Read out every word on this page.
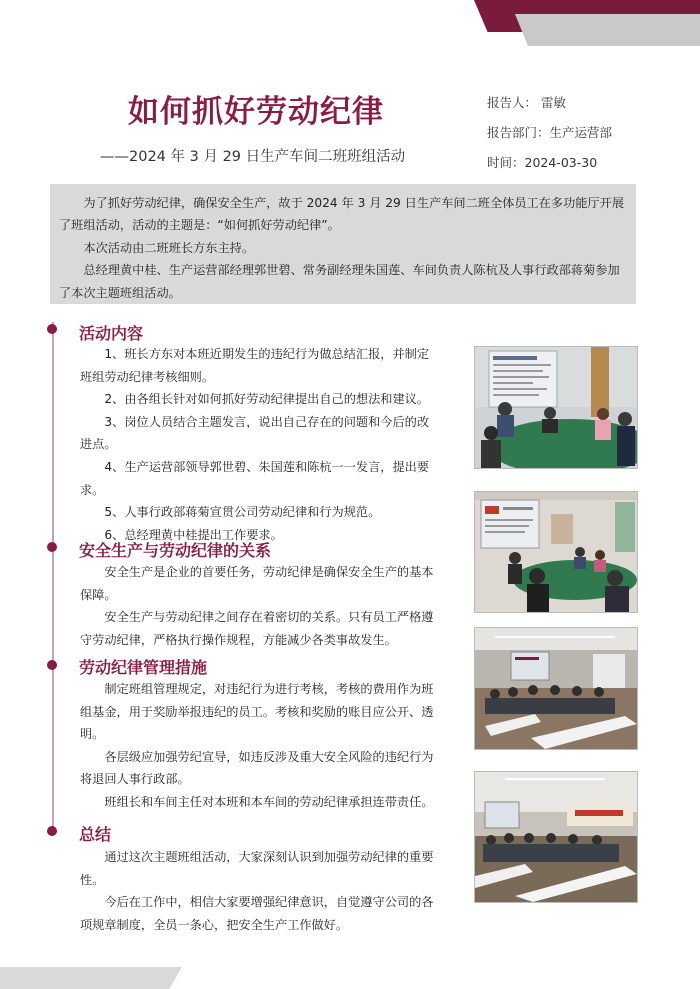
如何抓好劳动纪律
——2024 年 3 月 29 日生产车间二班班组活动
报告人： 雷敏
报告部门：生产运营部
时间：2024-03-30

为了抓好劳动纪律，确保安全生产，故于 2024 年 3 月 29 日生产车间二班全体员工在多功能厅开展

了班组活动，活动的主题是：“如何抓好劳动纪律”。

本次活动由二班班长方东主持。

总经理黄中桂、生产运营部经理郭世碧、常务副经理朱国莲、车间负责人陈杭及人事行政部蒋菊参加

了本次主题班组活动。

活动内容

1、班长方东对本班近期发生的违纪行为做总结汇报，并制定班组劳动纪律考核细则。

2、由各组长针对如何抓好劳动纪律提出自己的想法和建议。

3、岗位人员结合主题发言，说出自己存在的问题和今后的改进点。

4、生产运营部领导郭世碧、朱国莲和陈杭一一发言，提出要求。

5、人事行政部蒋菊宣贯公司劳动纪律和行为规范。

6、总经理黄中桂提出工作要求。

安全生产与劳动纪律的关系

安全生产是企业的首要任务，劳动纪律是确保安全生产的基本保障。

安全生产与劳动纪律之间存在着密切的关系。只有员工严格遵守劳动纪律，严格执行操作规程，方能减少各类事故发生。

劳动纪律管理措施

制定班组管理规定，对违纪行为进行考核，考核的费用作为班组基金，用于奖励举报违纪的员工。考核和奖励的账目应公开、透明。

各层级应加强劳纪宣导，如违反涉及重大安全风险的违纪行为将退回人事行政部。

班组长和车间主任对本班和本车间的劳动纪律承担连带责任。

总结

通过这次主题班组活动，大家深刻认识到加强劳动纪律的重要性。

今后在工作中，相信大家要增强纪律意识，自觉遵守公司的各项规章制度，全员一条心，把安全生产工作做好。
